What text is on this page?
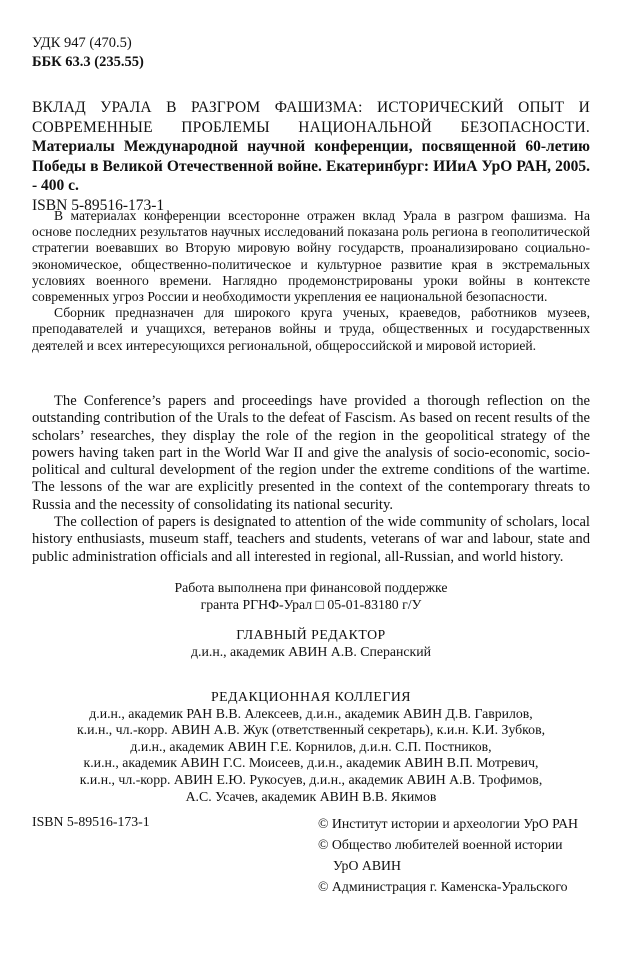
УДК 947 (470.5)
ББК 63.3 (235.55)
ВКЛАД УРАЛА В РАЗГРОМ ФАШИЗМА: ИСТОРИЧЕСКИЙ ОПЫТ И СОВРЕМЕННЫЕ ПРОБЛЕМЫ НАЦИОНАЛЬНОЙ БЕЗОПАСНОСТИ. Материалы Международной научной конференции, посвященной 60-летию Победы в Великой Отечественной войне. Екатеринбург: ИИиА УрО РАН, 2005. - 400 с.
ISBN 5-89516-173-1

В материалах конференции всесторонне отражен вклад Урала в разгром фашизма. На основе последних результатов научных исследований показана роль региона в геополитической стратегии воевавших во Вторую мировую войну государств, проанализировано социально-экономическое, общественно-политическое и культурное развитие края в экстремальных условиях военного времени. Наглядно продемонстрированы уроки войны в контексте современных угроз России и необходимости укрепления ее национальной безопасности.

Сборник предназначен для широкого круга ученых, краеведов, работников музеев, преподавателей и учащихся, ветеранов войны и труда, общественных и государственных деятелей и всех интересующихся региональной, общероссийской и мировой историей.

The Conference’s papers and proceedings have provided a thorough reflection on the outstanding contribution of the Urals to the defeat of Fascism. As based on recent results of the scholars’ researches, they display the role of the region in the geopolitical strategy of the powers having taken part in the World War II and give the analysis of socio-economic, socio-political and cultural development of the region under the extreme conditions of the wartime. The lessons of the war are explicitly presented in the context of the contemporary threats to Russia and the necessity of consolidating its national security.

The collection of papers is designated to attention of the wide community of scholars, local history enthusiasts, museum staff, teachers and students, veterans of war and labour, state and public administration officials and all interested in regional, all-Russian, and world history.

Работа выполнена при финансовой поддержке
гранта РГНФ-Урал □ 05-01-83180 г/У
ГЛАВНЫЙ РЕДАКТОР
д.и.н., академик АВИН А.В. Сперанский
РЕДАКЦИОННАЯ КОЛЛЕГИЯ
д.и.н., академик РАН В.В. Алексеев, д.и.н., академик АВИН Д.В. Гаврилов,
к.и.н., чл.-корр. АВИН А.В. Жук (ответственный секретарь), к.и.н. К.И. Зубков,
д.и.н., академик АВИН Г.Е. Корнилов, д.и.н. С.П. Постников,
к.и.н., академик АВИН Г.С. Моисеев, д.и.н., академик АВИН В.П. Мотревич,
к.и.н., чл.-корр. АВИН Е.Ю. Рукосуев, д.и.н., академик АВИН А.В. Трофимов,
А.С. Усачев, академик АВИН В.В. Якимов
ISBN 5-89516-173-1	© Институт истории и археологии УрО РАН
© Общество любителей военной истории
УрО АВИН
© Администрация г. Каменска-Уральского
